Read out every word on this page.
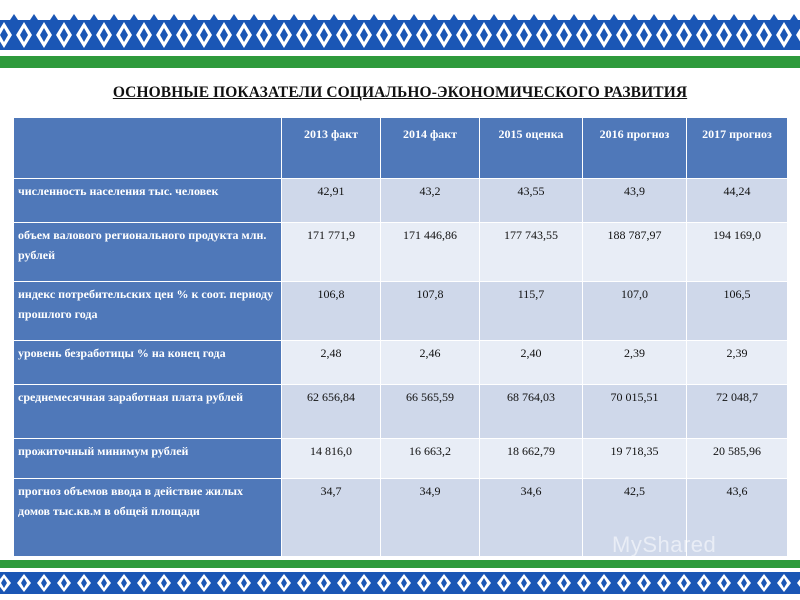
ОСНОВНЫЕ ПОКАЗАТЕЛИ СОЦИАЛЬНО-ЭКОНОМИЧЕСКОГО РАЗВИТИЯ
	2013 факт	2014 факт	2015 оценка	2016 прогноз	2017 прогноз
численность населения тыс. человек	42,91	43,2	43,55	43,9	44,24
объем валового регионального продукта млн. рублей	171 771,9	171 446,86	177 743,55	188 787,97	194 169,0
индекс потребительских цен % к соот. периоду прошлого года	106,8	107,8	115,7	107,0	106,5
уровень безработицы % на конец года	2,48	2,46	2,40	2,39	2,39
среднемесячная заработная плата рублей	62 656,84	66 565,59	68 764,03	70 015,51	72 048,7
прожиточный минимум рублей	14 816,0	16 663,2	18 662,79	19 718,35	20 585,96
прогноз объемов ввода в действие жилых домов тыс.кв.м в общей площади	34,7	34,9	34,6	42,5	43,6
MyShared
